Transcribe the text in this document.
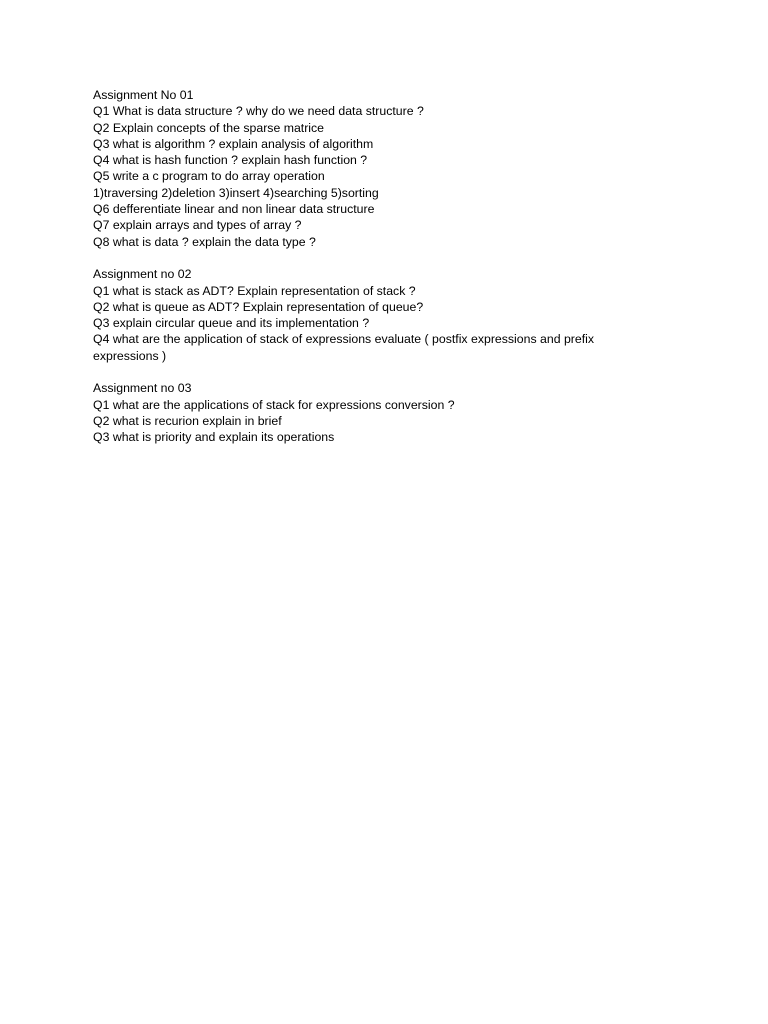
Assignment No 01
Q1 What is data structure ? why do we need data structure ?
Q2 Explain concepts of the sparse matrice
Q3 what is algorithm ? explain analysis of algorithm
Q4 what is hash function ? explain hash function ?
Q5 write a c program to do array operation
1)traversing 2)deletion 3)insert 4)searching 5)sorting
Q6 defferentiate linear and non linear data structure
Q7 explain arrays and types of array ?
Q8 what is data ? explain the data type ?
Assignment no 02
Q1 what is stack as ADT? Explain representation of stack ?
Q2 what is queue as ADT? Explain representation of queue?
Q3 explain circular queue and its implementation ?
Q4 what are the application of stack of expressions evaluate ( postfix expressions and prefix expressions )
Assignment no 03
Q1 what are the applications of stack for expressions conversion ?
Q2 what is recurion explain in brief
Q3 what is priority and explain its operations
